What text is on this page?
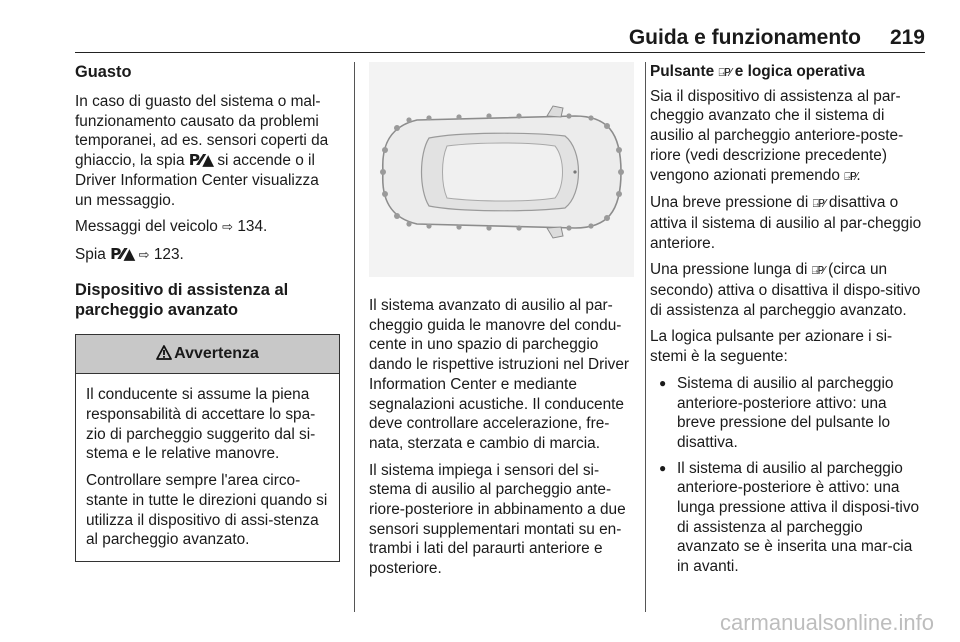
Guida e funzionamento 219
Guasto

In caso di guasto del sistema o mal-funzionamento causato da problemi temporanei, ad es. sensori coperti da ghiaccio, la spia P⁄⁄▲ si accende o il Driver Information Center visualizza un messaggio.

Messaggi del veicolo ⇨ 134.

Spia P⁄⁄▲ ⇨ 123.

Dispositivo di assistenza al parcheggio avanzato
Avvertenza

Il conducente si assume la piena responsabilità di accettare lo spa-zio di parcheggio suggerito dal si-stema e le relative manovre.

Controllare sempre l'area circo-stante in tutte le direzioni quando si utilizza il dispositivo di assi-stenza al parcheggio avanzato.

Il sistema avanzato di ausilio al par-cheggio guida le manovre del condu-cente in uno spazio di parcheggio dando le rispettive istruzioni nel Driver Information Center e mediante segnalazioni acustiche. Il conducente deve controllare accelerazione, fre-nata, sterzata e cambio di marcia.

Il sistema impiega i sensori del si-stema di ausilio al parcheggio ante-riore-posteriore in abbinamento a due sensori supplementari montati su en-trambi i lati del paraurti anteriore e posteriore.

Pulsante ⍈P⁄ e logica operativa

Sia il dispositivo di assistenza al par-cheggio avanzato che il sistema di ausilio al parcheggio anteriore-poste-riore (vedi descrizione precedente) vengono azionati premendo ⍈P⁄.

Una breve pressione di ⍈P⁄ disattiva o attiva il sistema di ausilio al par-cheggio anteriore.

Una pressione lunga di ⍈P⁄ (circa un secondo) attiva o disattiva il dispo-sitivo di assistenza al parcheggio avanzato.

La logica pulsante per azionare i si-stemi è la seguente:

● Sistema di ausilio al parcheggio anteriore-posteriore attivo: una breve pressione del pulsante lo disattiva.
● Il sistema di ausilio al parcheggio anteriore-posteriore è attivo: una lunga pressione attiva il disposi-tivo di assistenza al parcheggio avanzato se è inserita una mar-cia in avanti.
carmanualsonline.info
